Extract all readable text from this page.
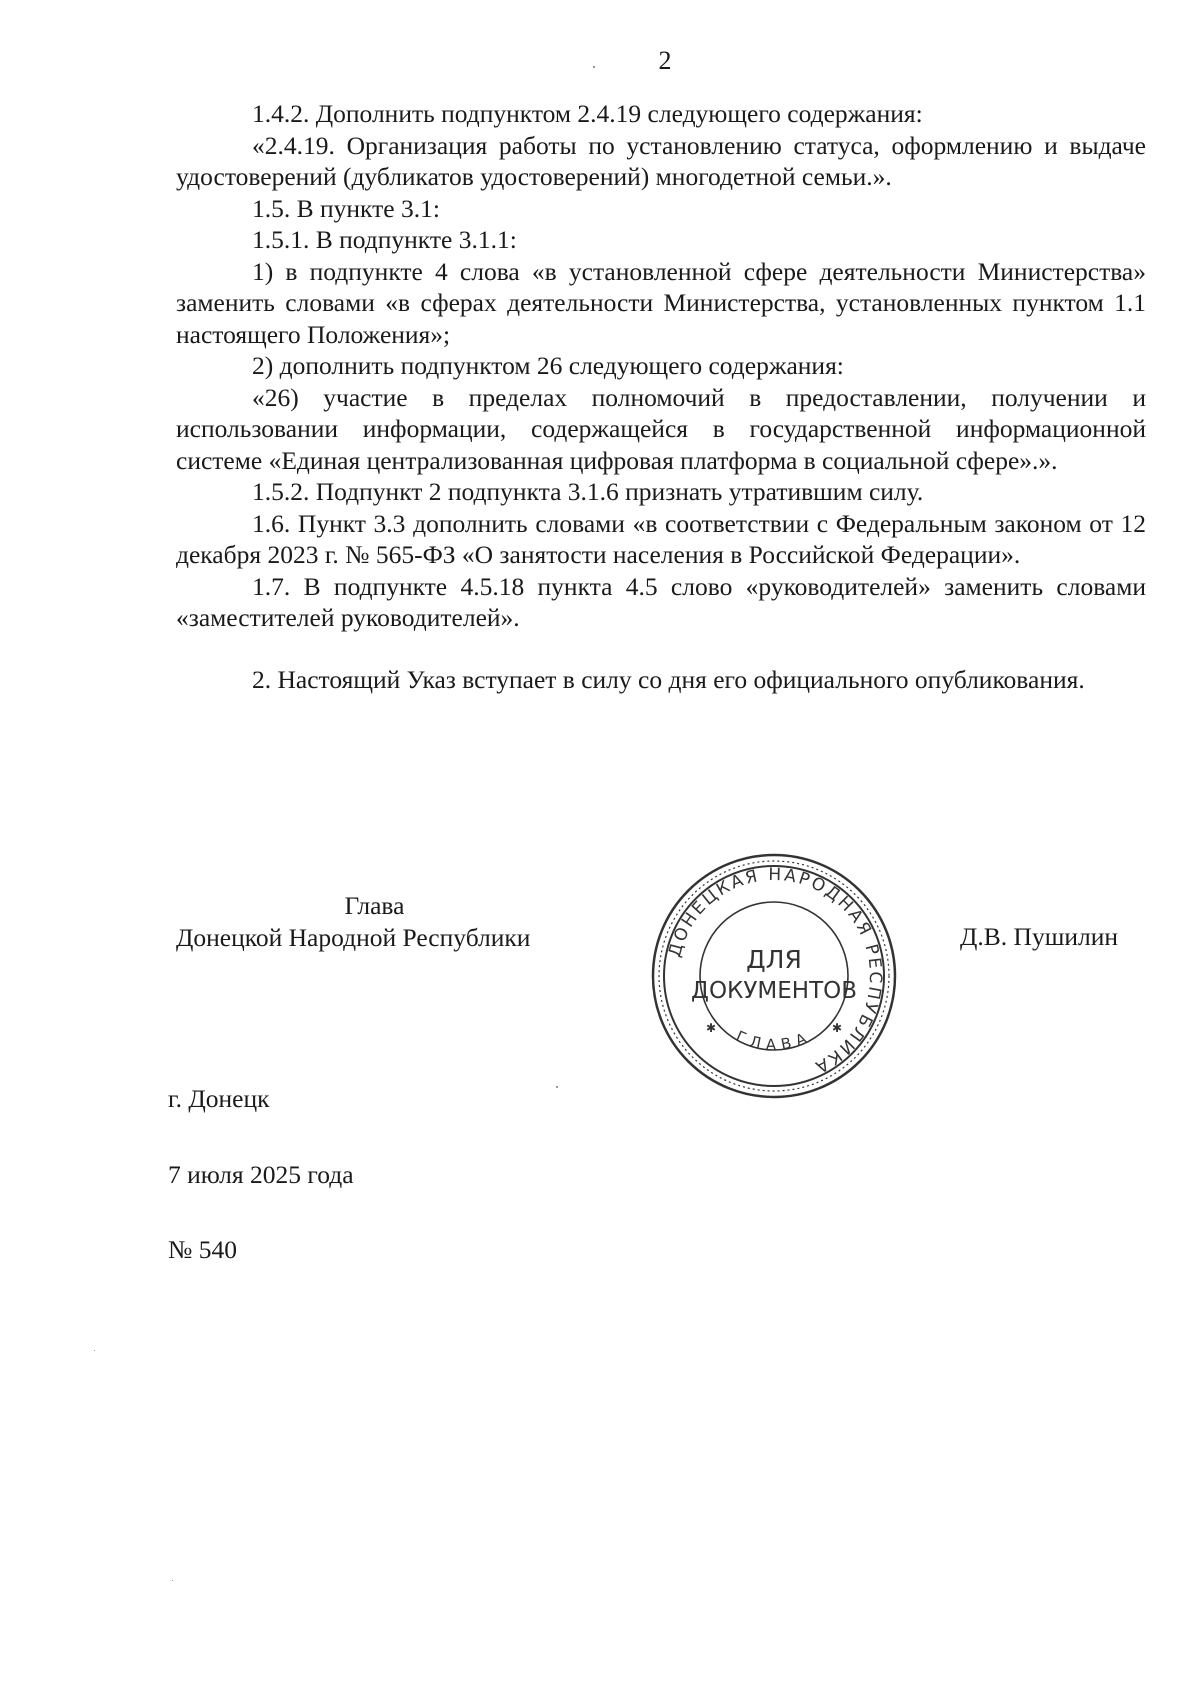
2

1.4.2. Дополнить подпунктом 2.4.19 следующего содержания:

«2.4.19. Организация работы по установлению статуса, оформлению и выдаче удостоверений (дубликатов удостоверений) многодетной семьи.».

1.5. В пункте 3.1:

1.5.1. В подпункте 3.1.1:

1) в подпункте 4 слова «в установленной сфере деятельности Министерства» заменить словами «в сферах деятельности Министерства, установленных пунктом 1.1 настоящего Положения»;

2) дополнить подпунктом 26 следующего содержания:

«26) участие в пределах полномочий в предоставлении, получении и использовании информации, содержащейся в государственной информационной системе «Единая централизованная цифровая платформа в социальной сфере».».

1.5.2. Подпункт 2 подпункта 3.1.6 признать утратившим силу.

1.6. Пункт 3.3 дополнить словами «в соответствии с Федеральным законом от 12 декабря 2023 г. № 565-ФЗ «О занятости населения в Российской Федерации».

1.7. В подпункте 4.5.18 пункта 4.5 слово «руководителей» заменить словами «заместителей руководителей».

2. Настоящий Указ вступает в силу со дня его официального опубликования.

Глава
Донецкой Народной Республики	ДОНЕЦКАЯ НАРОДНАЯ РЕСПУБЛИКА
ГЛАВА
ДЛЯ
ДОКУМЕНТОВ
✱	✱
Д.В. Пушилин
г. Донецк
7 июля 2025 года
№ 540
